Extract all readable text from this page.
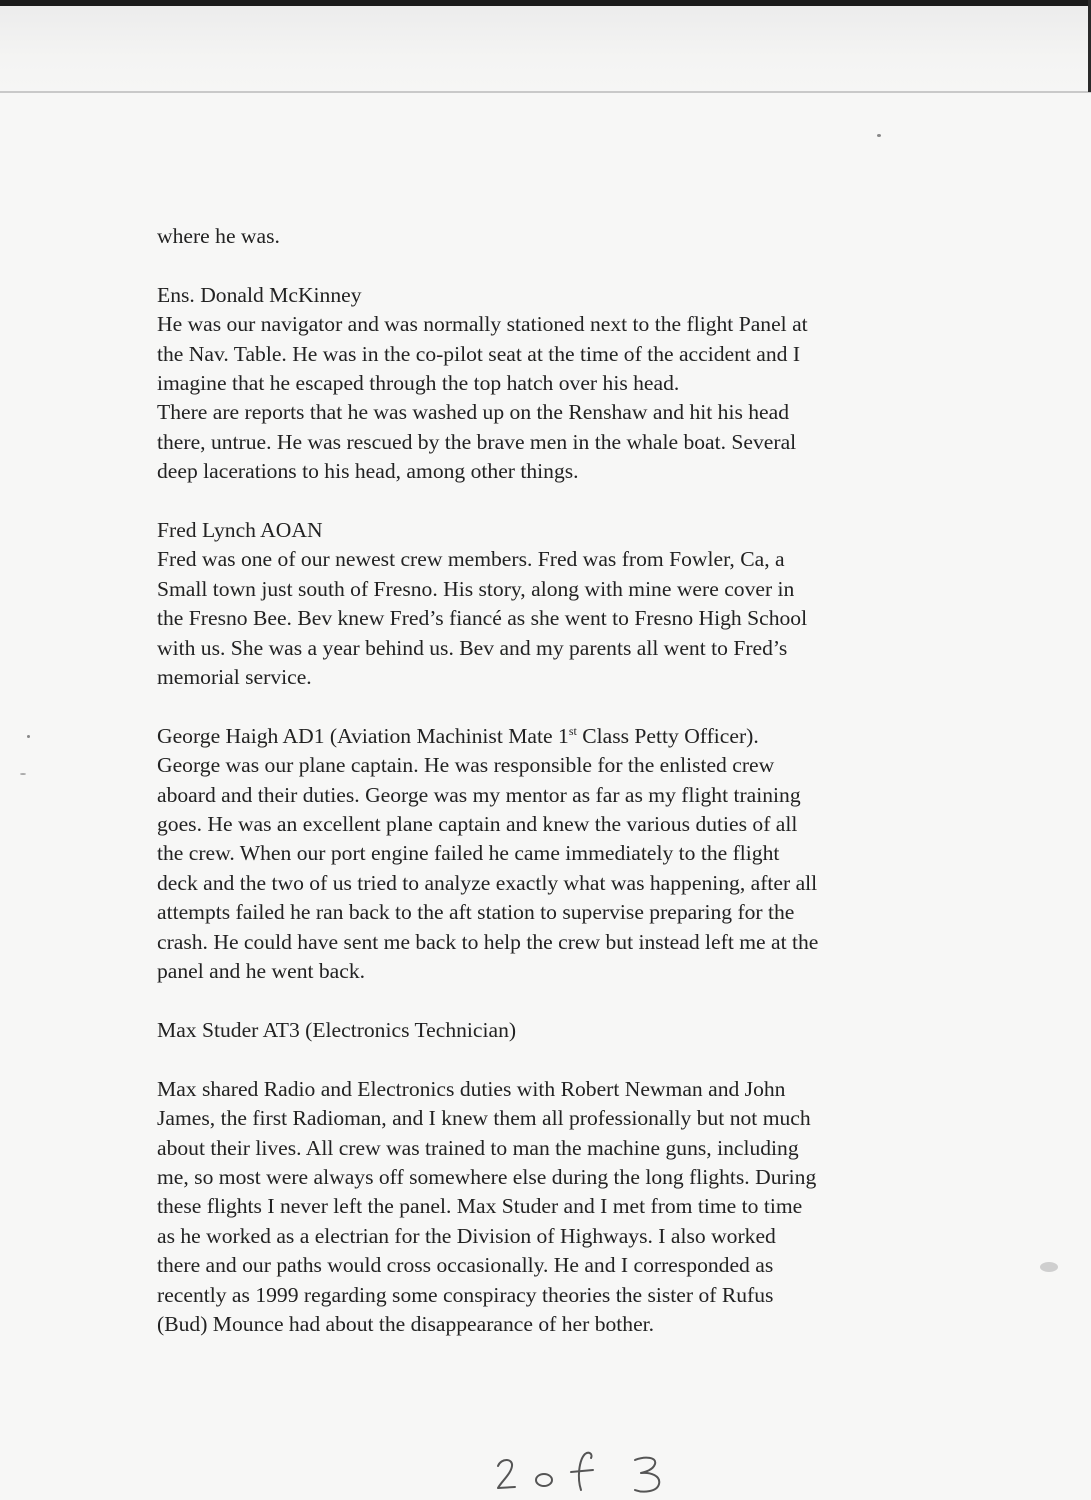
where he was.

Ens. Donald McKinney

He was our navigator and was normally stationed next to the flight Panel at
the Nav. Table. He was in the co-pilot seat at the time of the accident and I
imagine that he escaped through the top hatch over his head.
There are reports that he was washed up on the Renshaw and hit his head
there, untrue. He was rescued by the brave men in the whale boat. Several
deep lacerations to his head, among other things.

Fred Lynch AOAN

Fred was one of our newest crew members. Fred was from Fowler, Ca, a
Small town just south of Fresno. His story, along with mine were cover in
the Fresno Bee. Bev knew Fred’s fiancé as she went to Fresno High School
with us. She was a year behind us. Bev and my parents all went to Fred’s
memorial service.

George Haigh AD1 (Aviation Machinist Mate 1st Class Petty Officer).

George was our plane captain. He was responsible for the enlisted crew
aboard and their duties. George was my mentor as far as my flight training
goes. He was an excellent plane captain and knew the various duties of all
the crew. When our port engine failed he came immediately to the flight
deck and the two of us tried to analyze exactly what was happening, after all
attempts failed he ran back to the aft station to supervise preparing for the
crash. He could have sent me back to help the crew but instead left me at the
panel and he went back.

Max Studer AT3 (Electronics Technician)

Max shared Radio and Electronics duties with Robert Newman and John
James, the first Radioman, and I knew them all professionally but not much
about their lives. All crew was trained to man the machine guns, including
me, so most were always off somewhere else during the long flights. During
these flights I never left the panel. Max Studer and I met from time to time
as he worked as a electrian for the Division of Highways. I also worked
there and our paths would cross occasionally. He and I corresponded as
recently as 1999 regarding some conspiracy theories the sister of Rufus
(Bud) Mounce had about the disappearance of her bother.
